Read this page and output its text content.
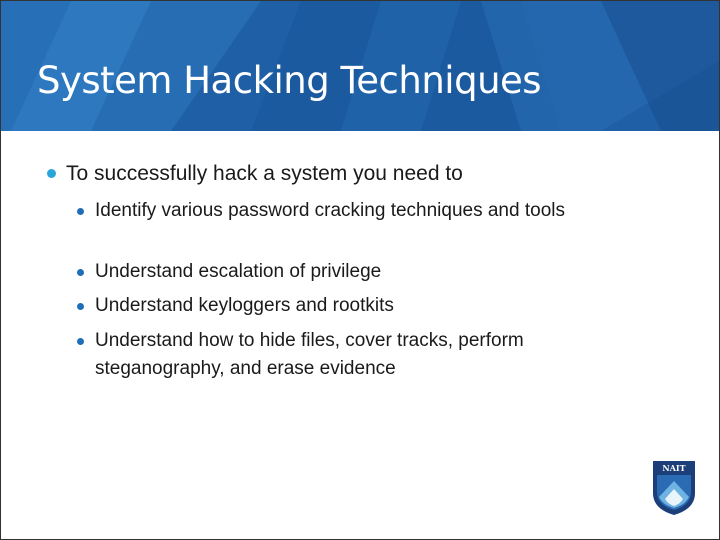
System Hacking Techniques
To successfully hack a system you need to
Identify various password cracking techniques and tools
Understand escalation of privilege
Understand keyloggers and rootkits
Understand how to hide files, cover tracks, perform steganography, and erase evidence
NAIT
